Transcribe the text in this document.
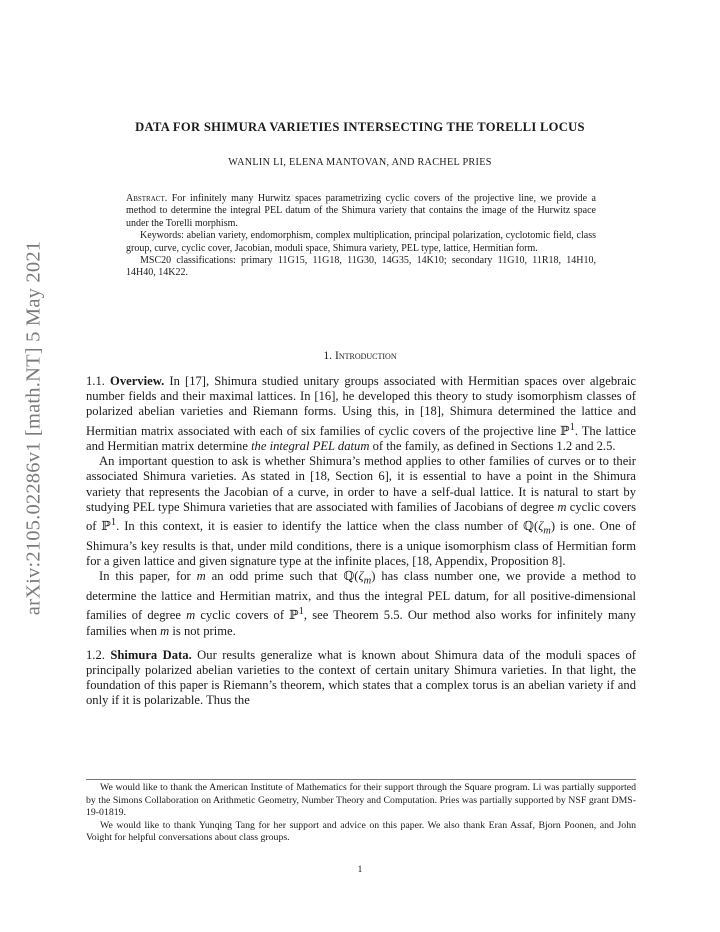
arXiv:2105.02286v1 [math.NT] 5 May 2021
DATA FOR SHIMURA VARIETIES INTERSECTING THE TORELLI LOCUS
WANLIN LI, ELENA MANTOVAN, AND RACHEL PRIES

Abstract. For infinitely many Hurwitz spaces parametrizing cyclic covers of the projective line, we provide a method to determine the integral PEL datum of the Shimura variety that contains the image of the Hurwitz space under the Torelli morphism.

Keywords: abelian variety, endomorphism, complex multiplication, principal polarization, cyclotomic field, class group, curve, cyclic cover, Jacobian, moduli space, Shimura variety, PEL type, lattice, Hermitian form.

MSC20 classifications: primary 11G15, 11G18, 11G30, 14G35, 14K10; secondary 11G10, 11R18, 14H10, 14H40, 14K22.

1. Introduction

1.1. Overview. In [17], Shimura studied unitary groups associated with Hermitian spaces over algebraic number fields and their maximal lattices. In [16], he developed this theory to study isomorphism classes of polarized abelian varieties and Riemann forms. Using this, in [18], Shimura determined the lattice and Hermitian matrix associated with each of six families of cyclic covers of the projective line ℙ$^1$. The lattice and Hermitian matrix determine the integral PEL datum of the family, as defined in Sections 1.2 and 2.5.

An important question to ask is whether Shimura’s method applies to other families of curves or to their associated Shimura varieties. As stated in [18, Section 6], it is essential to have a point in the Shimura variety that represents the Jacobian of a curve, in order to have a self-dual lattice. It is natural to start by studying PEL type Shimura varieties that are associated with families of Jacobians of degree m cyclic covers of ℙ$^1$. In this context, it is easier to identify the lattice when the class number of $ℚ(\zeta_m)$ is one. One of Shimura’s key results is that, under mild conditions, there is a unique isomorphism class of Hermitian form for a given lattice and given signature type at the infinite places, [18, Appendix, Proposition 8].

In this paper, for m an odd prime such that $ℚ(\zeta_m)$ has class number one, we provide a method to determine the lattice and Hermitian matrix, and thus the integral PEL datum, for all positive-dimensional families of degree m cyclic covers of ℙ$^1$, see Theorem 5.5. Our method also works for infinitely many families when m is not prime.

1.2. Shimura Data. Our results generalize what is known about Shimura data of the moduli spaces of principally polarized abelian varieties to the context of certain unitary Shimura varieties. In that light, the foundation of this paper is Riemann’s theorem, which states that a complex torus is an abelian variety if and only if it is polarizable. Thus the

We would like to thank the American Institute of Mathematics for their support through the Square program. Li was partially supported by the Simons Collaboration on Arithmetic Geometry, Number Theory and Computation. Pries was partially supported by NSF grant DMS-19-01819.

We would like to thank Yunqing Tang for her support and advice on this paper. We also thank Eran Assaf, Bjorn Poonen, and John Voight for helpful conversations about class groups.

1
